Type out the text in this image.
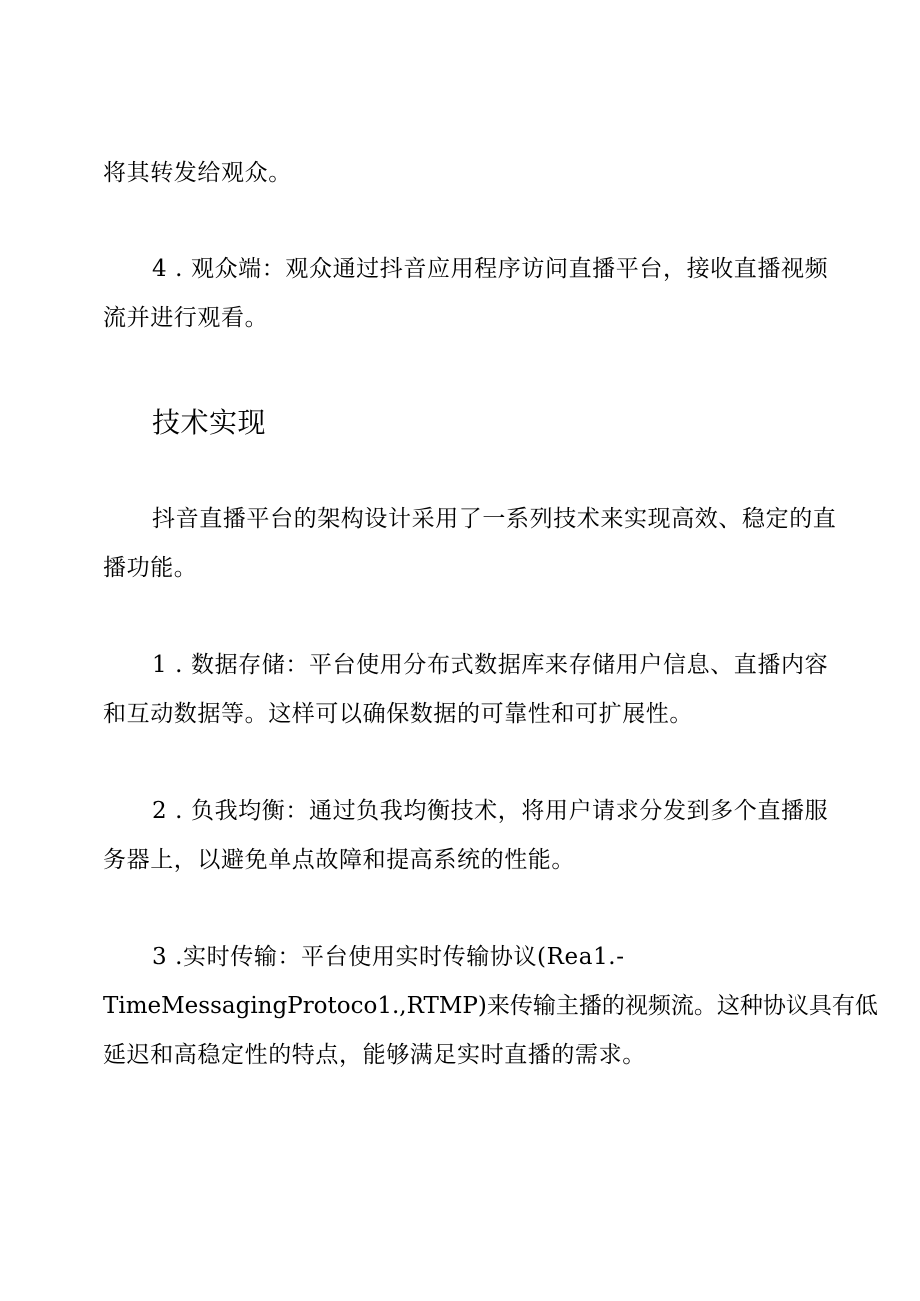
将其转发给观众。
4 . 观众端：观众通过抖音应用程序访问直播平台，接收直播视频
流并进行观看。
技术实现
抖音直播平台的架构设计采用了一系列技术来实现高效、稳定的直
播功能。
1 . 数据存储：平台使用分布式数据库来存储用户信息、直播内容
和互动数据等。这样可以确保数据的可靠性和可扩展性。
2 . 负我均衡：通过负我均衡技术，将用户请求分发到多个直播服
务器上，以避免单点故障和提高系统的性能。
3 .实时传输：平台使用实时传输协议(Rea1.-
TimeMessagingProtoco1.,RTMP)来传输主播的视频流。这种协议具有低
延迟和高稳定性的特点，能够满足实时直播的需求。
